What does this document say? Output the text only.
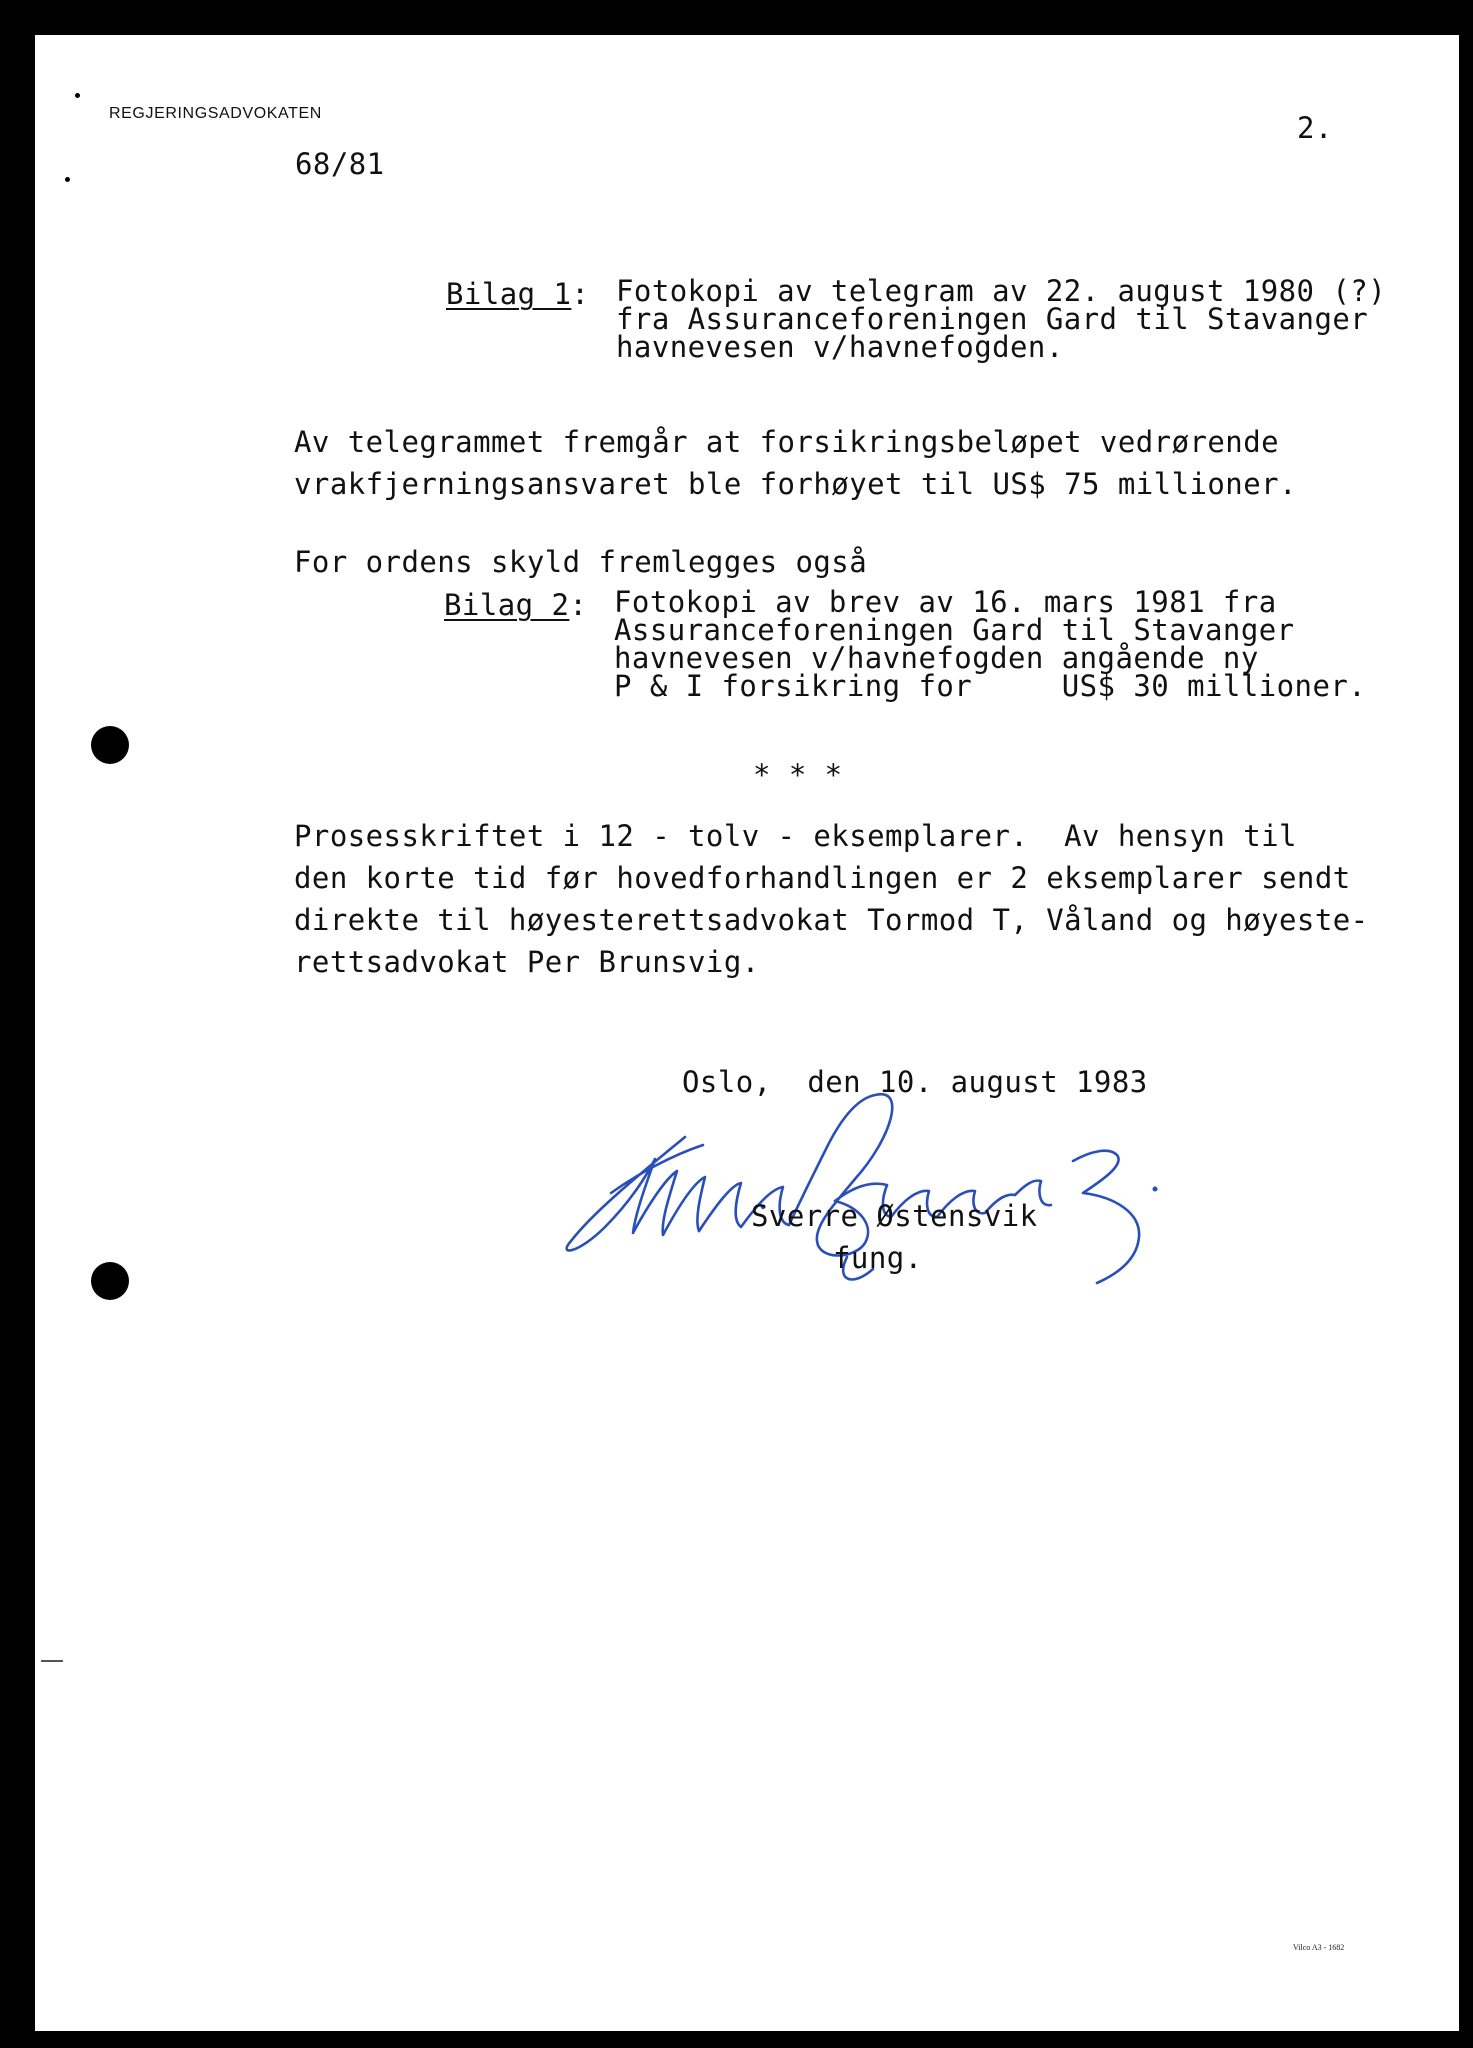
REGJERINGSADVOKATEN
68/81
2.
Bilag 1: Fotokopi av telegram av 22. august 1980 (?)
fra Assuranceforeningen Gard til Stavanger
havnevesen v/havnefogden.
Av telegrammet fremgår at forsikringsbeløpet vedrørende
vrakfjerningsansvaret ble forhøyet til US$ 75 millioner.
For ordens skyld fremlegges også
Bilag 2: Fotokopi av brev av 16. mars 1981 fra
Assuranceforeningen Gard til Stavanger
havnevesen v/havnefogden angående ny
P & I forsikring for     US$ 30 millioner.
* * *
Prosesskriftet i 12 - tolv - eksemplarer.  Av hensyn til
den korte tid før hovedforhandlingen er 2 eksemplarer sendt
direkte til høyesterettsadvokat Tormod T, Våland og høyeste-
rettsadvokat Per Brunsvig.
Oslo,  den 10. august 1983
Sverre Østensvik
fung.
Vilco A3 - 1682
